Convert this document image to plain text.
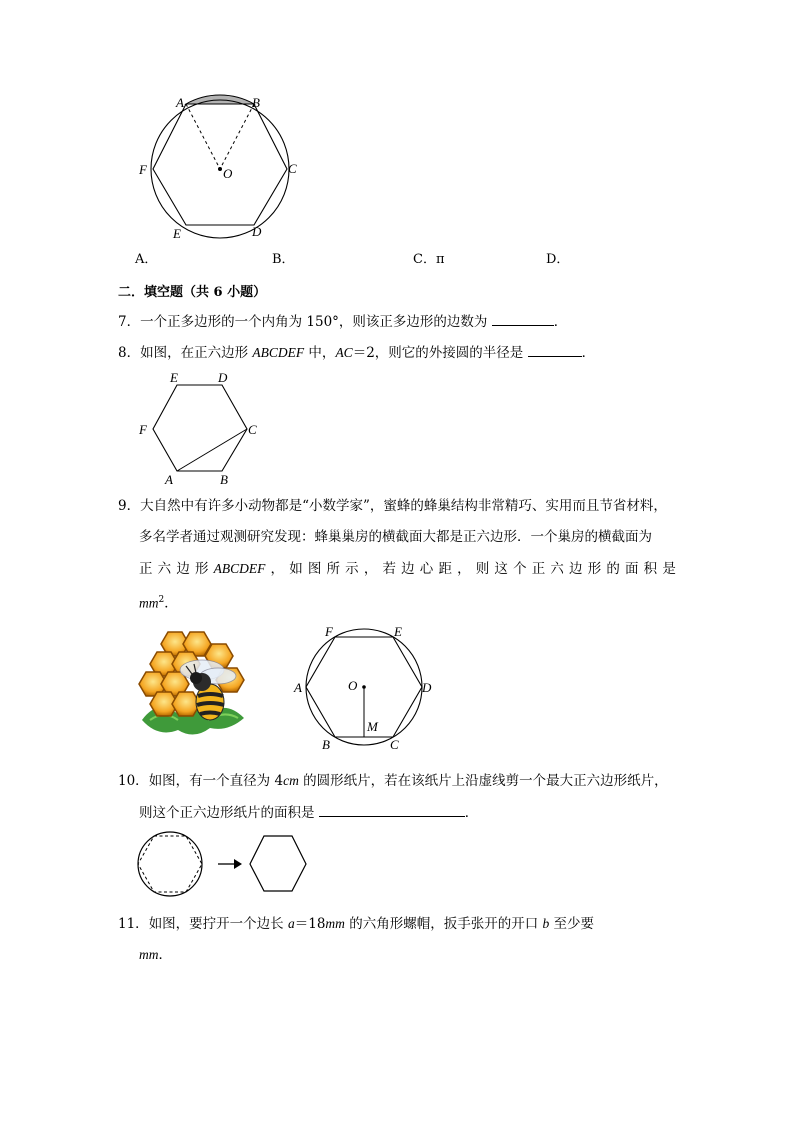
A	B
C
F	O
E	D
A．	B．	C．π	D．
二．填空题（共 6 小题）
7．一个正多边形的一个内角为 150°，则该正多边形的边数为	．
8．如图，在正六边形 ABCDEF 中，AC＝2，则它的外接圆的半径是	．
E	D
F	C
A	B
9．大自然中有许多小动物都是“小数学家”，蜜蜂的蜂巢结构非常精巧、实用而且节省材料，
多名学者通过观测研究发现：蜂巢巢房的横截面大都是正六边形．一个巢房的横截面为
正 六 边 形 ABCDEF ， 如 图 所 示 ， 若 边 心 距 ， 则 这 个 正 六 边 形 的 面 积 是
$mm^2$．
F	E
A	O	D
M
B	C
10．如图，有一个直径为 4cm 的圆形纸片，若在该纸片上沿虚线剪一个最大正六边形纸片，
则这个正六边形纸片的面积是	．
11．如图，要拧开一个边长 a＝18mm 的六角形螺帽，扳手张开的开口 b 至少要
mm．
